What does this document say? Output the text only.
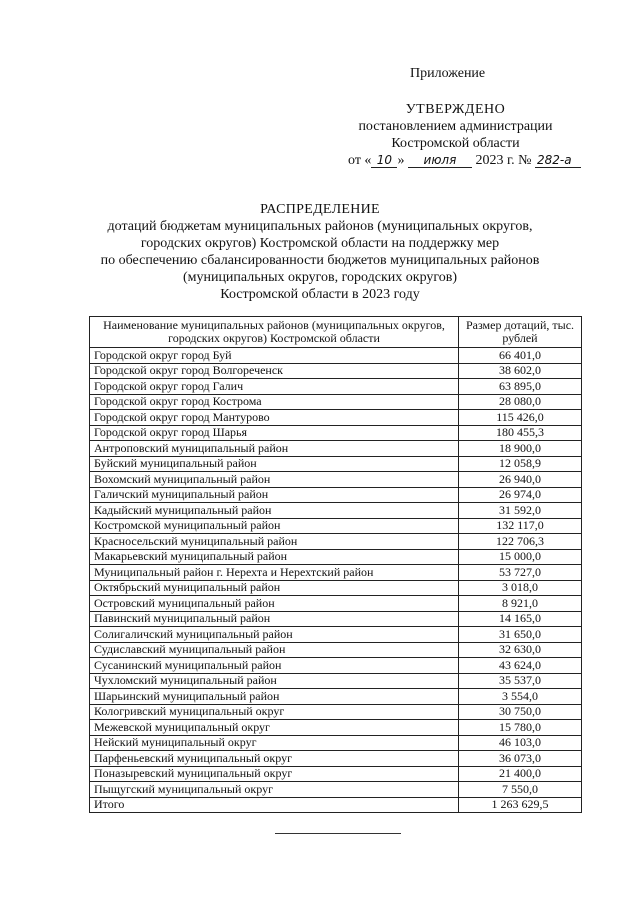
Приложение
УТВЕРЖДЕНО
постановлением администрации
Костромской области
от « 10 » июля 2023 г. № 282-а
РАСПРЕДЕЛЕНИЕ
дотаций бюджетам муниципальных районов (муниципальных округов,
городских округов) Костромской области на поддержку мер
по обеспечению сбалансированности бюджетов муниципальных районов
(муниципальных округов, городских округов)
Костромской области в 2023 году
Наименование муниципальных районов (муниципальных округов, городских округов) Костромской области	Размер дотаций, тыс. рублей
Городской округ город Буй	66 401,0
Городской округ город Волгореченск	38 602,0
Городской округ город Галич	63 895,0
Городской округ город Кострома	28 080,0
Городской округ город Мантурово	115 426,0
Городской округ город Шарья	180 455,3
Антроповский муниципальный район	18 900,0
Буйский муниципальный район	12 058,9
Вохомский муниципальный район	26 940,0
Галичский муниципальный район	26 974,0
Кадыйский муниципальный район	31 592,0
Костромской муниципальный район	132 117,0
Красносельский муниципальный район	122 706,3
Макарьевский муниципальный район	15 000,0
Муниципальный район г. Нерехта и Нерехтский район	53 727,0
Октябрьский муниципальный район	3 018,0
Островский муниципальный район	8 921,0
Павинский муниципальный район	14 165,0
Солигаличский муниципальный район	31 650,0
Судиславский муниципальный район	32 630,0
Сусанинский муниципальный район	43 624,0
Чухломский муниципальный район	35 537,0
Шарьинский муниципальный район	3 554,0
Кологривский муниципальный округ	30 750,0
Межевской муниципальный округ	15 780,0
Нейский муниципальный округ	46 103,0
Парфеньевский муниципальный округ	36 073,0
Поназыревский муниципальный округ	21 400,0
Пыщугский муниципальный округ	7 550,0
Итого	1 263 629,5
